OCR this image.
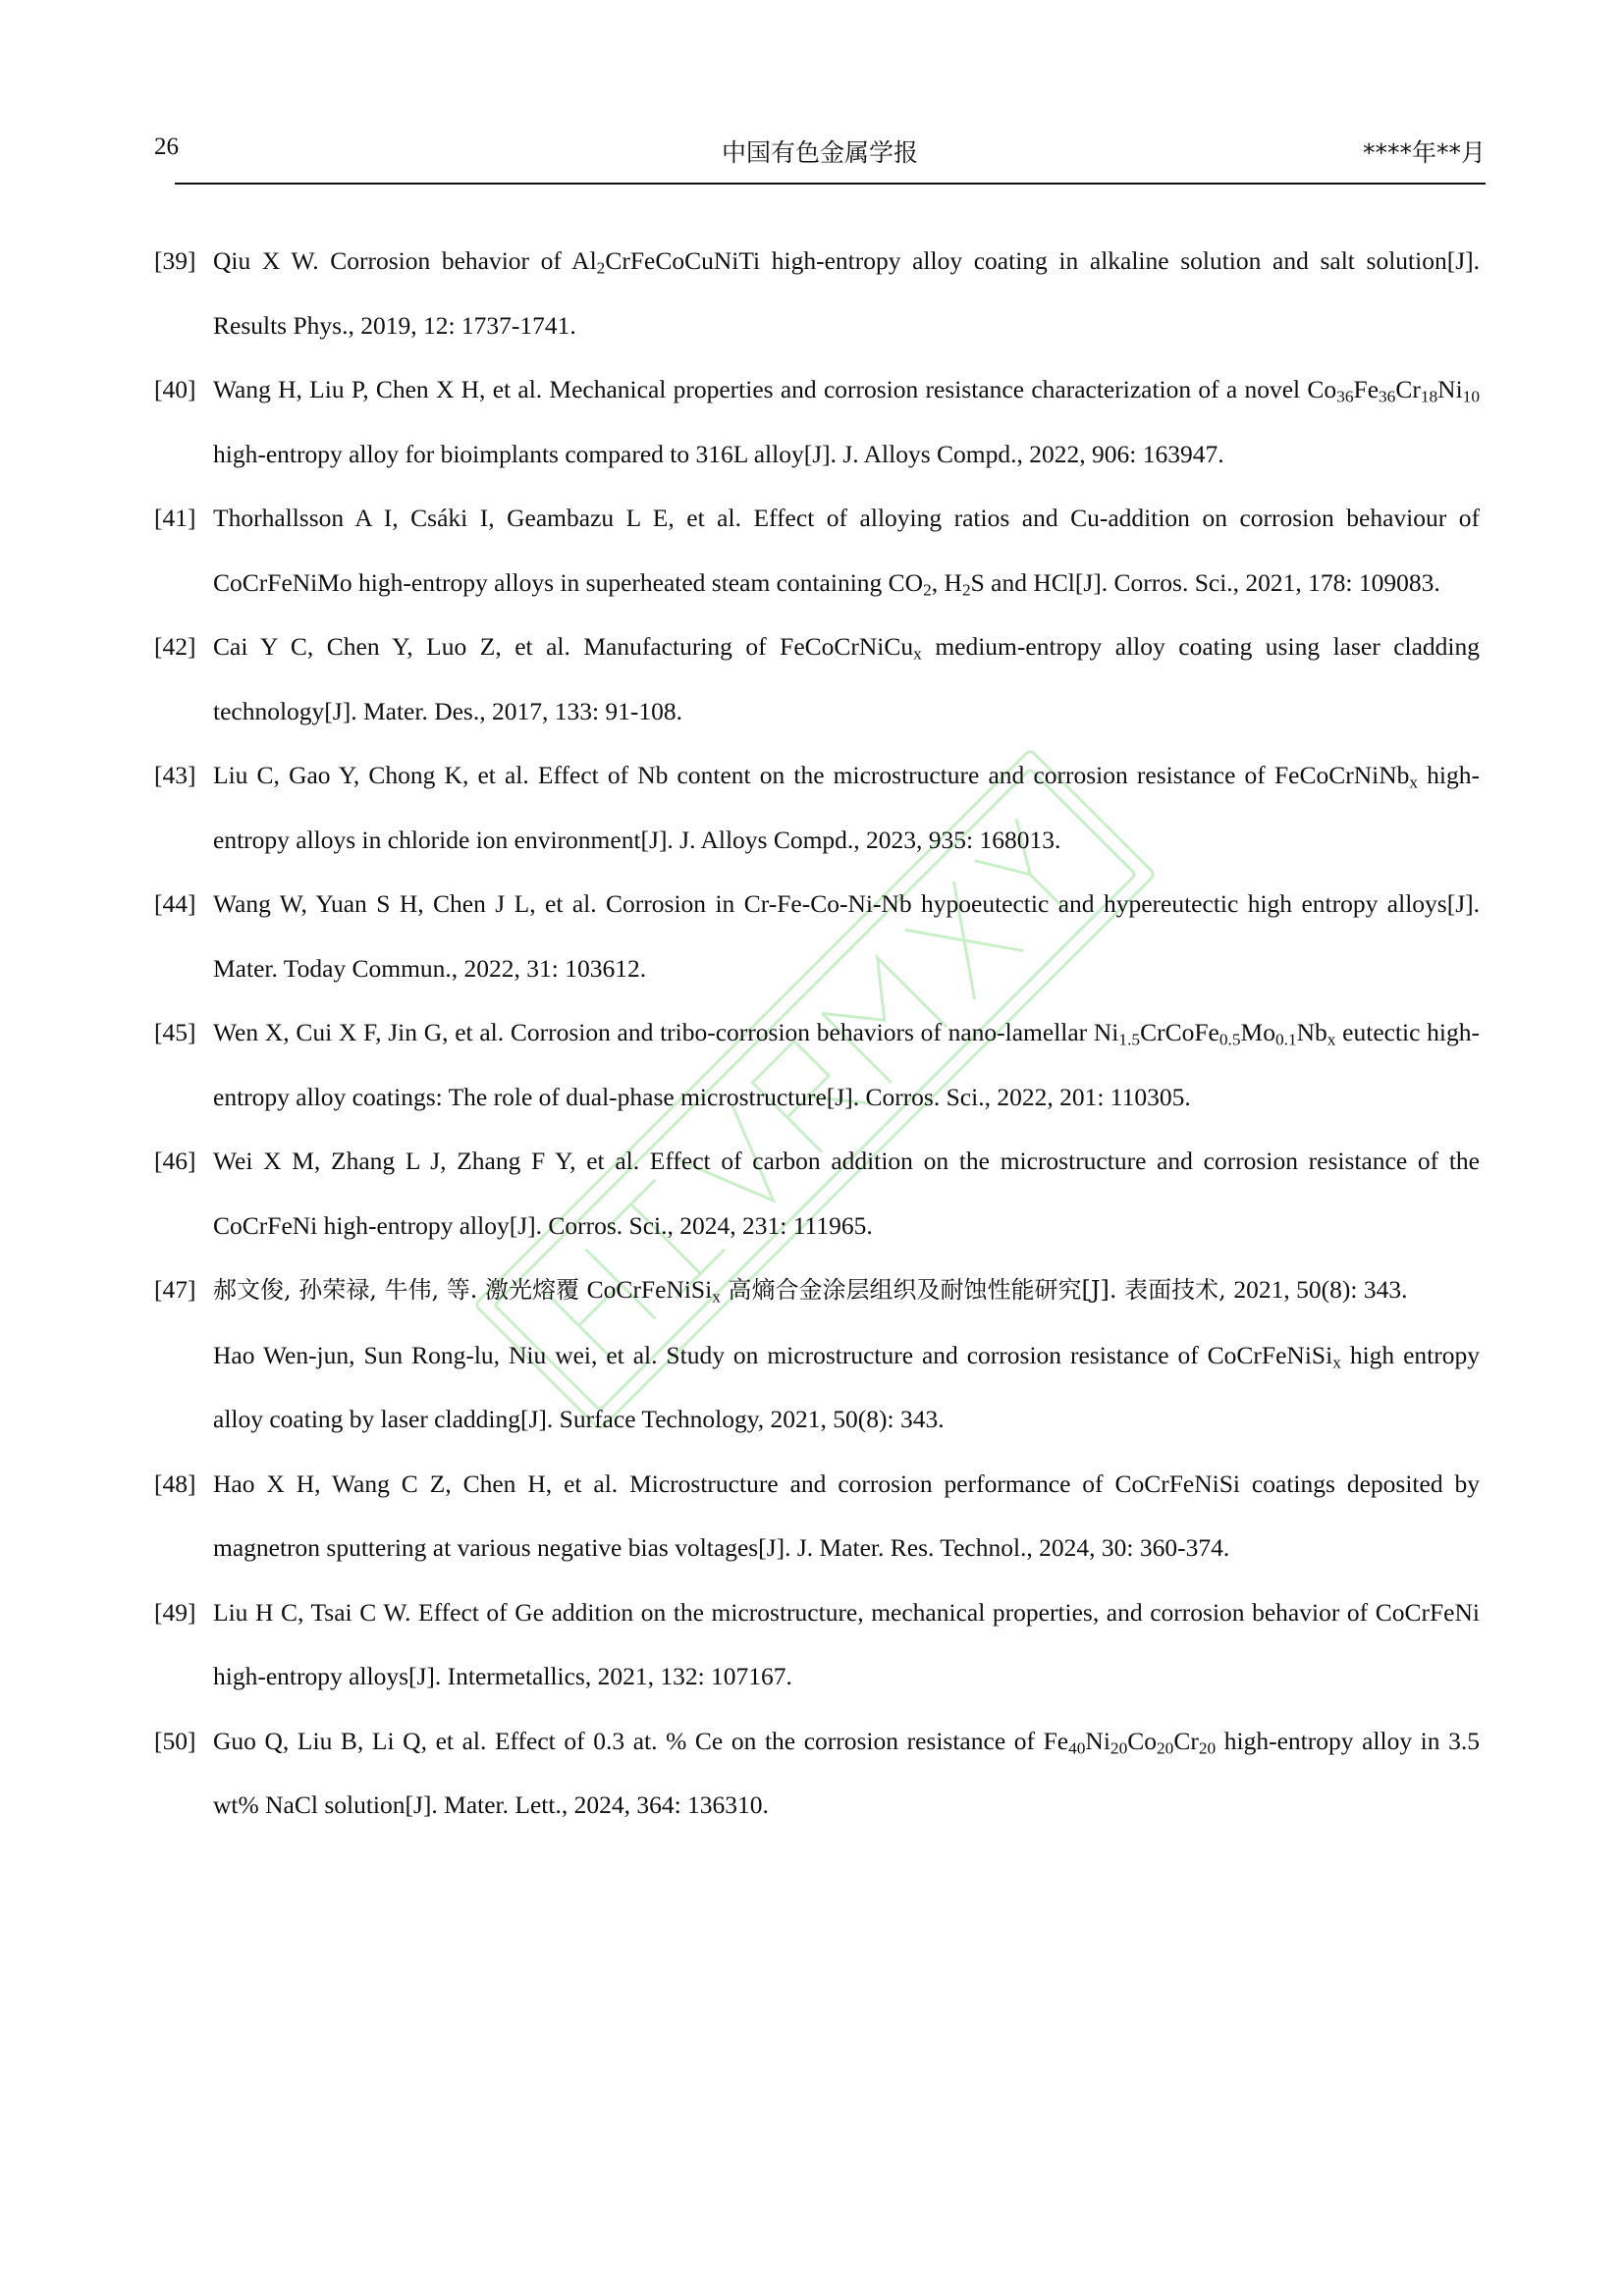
26	中国有色金属学报	****年**月
[39] Qiu X W. Corrosion behavior of $Al_2CrFeCoCuNiTi$ high-entropy alloy coating in alkaline solution and salt solution[J]. Results Phys., 2019, 12: 1737-1741.
[40] Wang H, Liu P, Chen X H, et al. Mechanical properties and corrosion resistance characterization of a novel $Co_{36}Fe_{36}Cr_{18}Ni_{10}$ high-entropy alloy for bioimplants compared to 316L alloy[J]. J. Alloys Compd., 2022, 906: 163947.
[41] Thorhallsson A I, Csáki I, Geambazu L E, et al. Effect of alloying ratios and Cu-addition on corrosion behaviour of CoCrFeNiMo high-entropy alloys in superheated steam containing $CO_2$, $H_2S$ and HCl[J]. Corros. Sci., 2021, 178: 109083.
[42] Cai Y C, Chen Y, Luo Z, et al. Manufacturing of FeCoCrNiCu$_x$ medium-entropy alloy coating using laser cladding technology[J]. Mater. Des., 2017, 133: 91-108.
[43] Liu C, Gao Y, Chong K, et al. Effect of Nb content on the microstructure and corrosion resistance of FeCoCrNiNb$_x$ high-entropy alloys in chloride ion environment[J]. J. Alloys Compd., 2023, 935: 168013.
[44] Wang W, Yuan S H, Chen J L, et al. Corrosion in Cr-Fe-Co-Ni-Nb hypoeutectic and hypereutectic high entropy alloys[J]. Mater. Today Commun., 2022, 31: 103612.
[45] Wen X, Cui X F, Jin G, et al. Corrosion and tribo-corrosion behaviors of nano-lamellar $Ni_{1.5}CrCoFe_{0.5}Mo_{0.1}Nb_x$ eutectic high-entropy alloy coatings: The role of dual-phase microstructure[J]. Corros. Sci., 2022, 201: 110305.
[46] Wei X M, Zhang L J, Zhang F Y, et al. Effect of carbon addition on the microstructure and corrosion resistance of the CoCrFeNi high-entropy alloy[J]. Corros. Sci., 2024, 231: 111965.
[47] 郝文俊, 孙荣禄, 牛伟, 等. 激光熔覆 CoCrFeNiSi$_x$ 高熵合金涂层组织及耐蚀性能研究[J]. 表面技术, 2021, 50(8): 343.
Hao Wen-jun, Sun Rong-lu, Niu wei, et al. Study on microstructure and corrosion resistance of CoCrFeNiSi$_x$ high entropy alloy coating by laser cladding[J]. Surface Technology, 2021, 50(8): 343.
[48] Hao X H, Wang C Z, Chen H, et al. Microstructure and corrosion performance of CoCrFeNiSi coatings deposited by magnetron sputtering at various negative bias voltages[J]. J. Mater. Res. Technol., 2024, 30: 360-374.
[49] Liu H C, Tsai C W. Effect of Ge addition on the microstructure, mechanical properties, and corrosion behavior of CoCrFeNi high-entropy alloys[J]. Intermetallics, 2021, 132: 107167.
[50] Guo Q, Liu B, Li Q, et al. Effect of 0.3 at. % Ce on the corrosion resistance of $Fe_{40}Ni_{20}Co_{20}Cr_{20}$ high-entropy alloy in 3.5 wt% NaCl solution[J]. Mater. Lett., 2024, 364: 136310.
